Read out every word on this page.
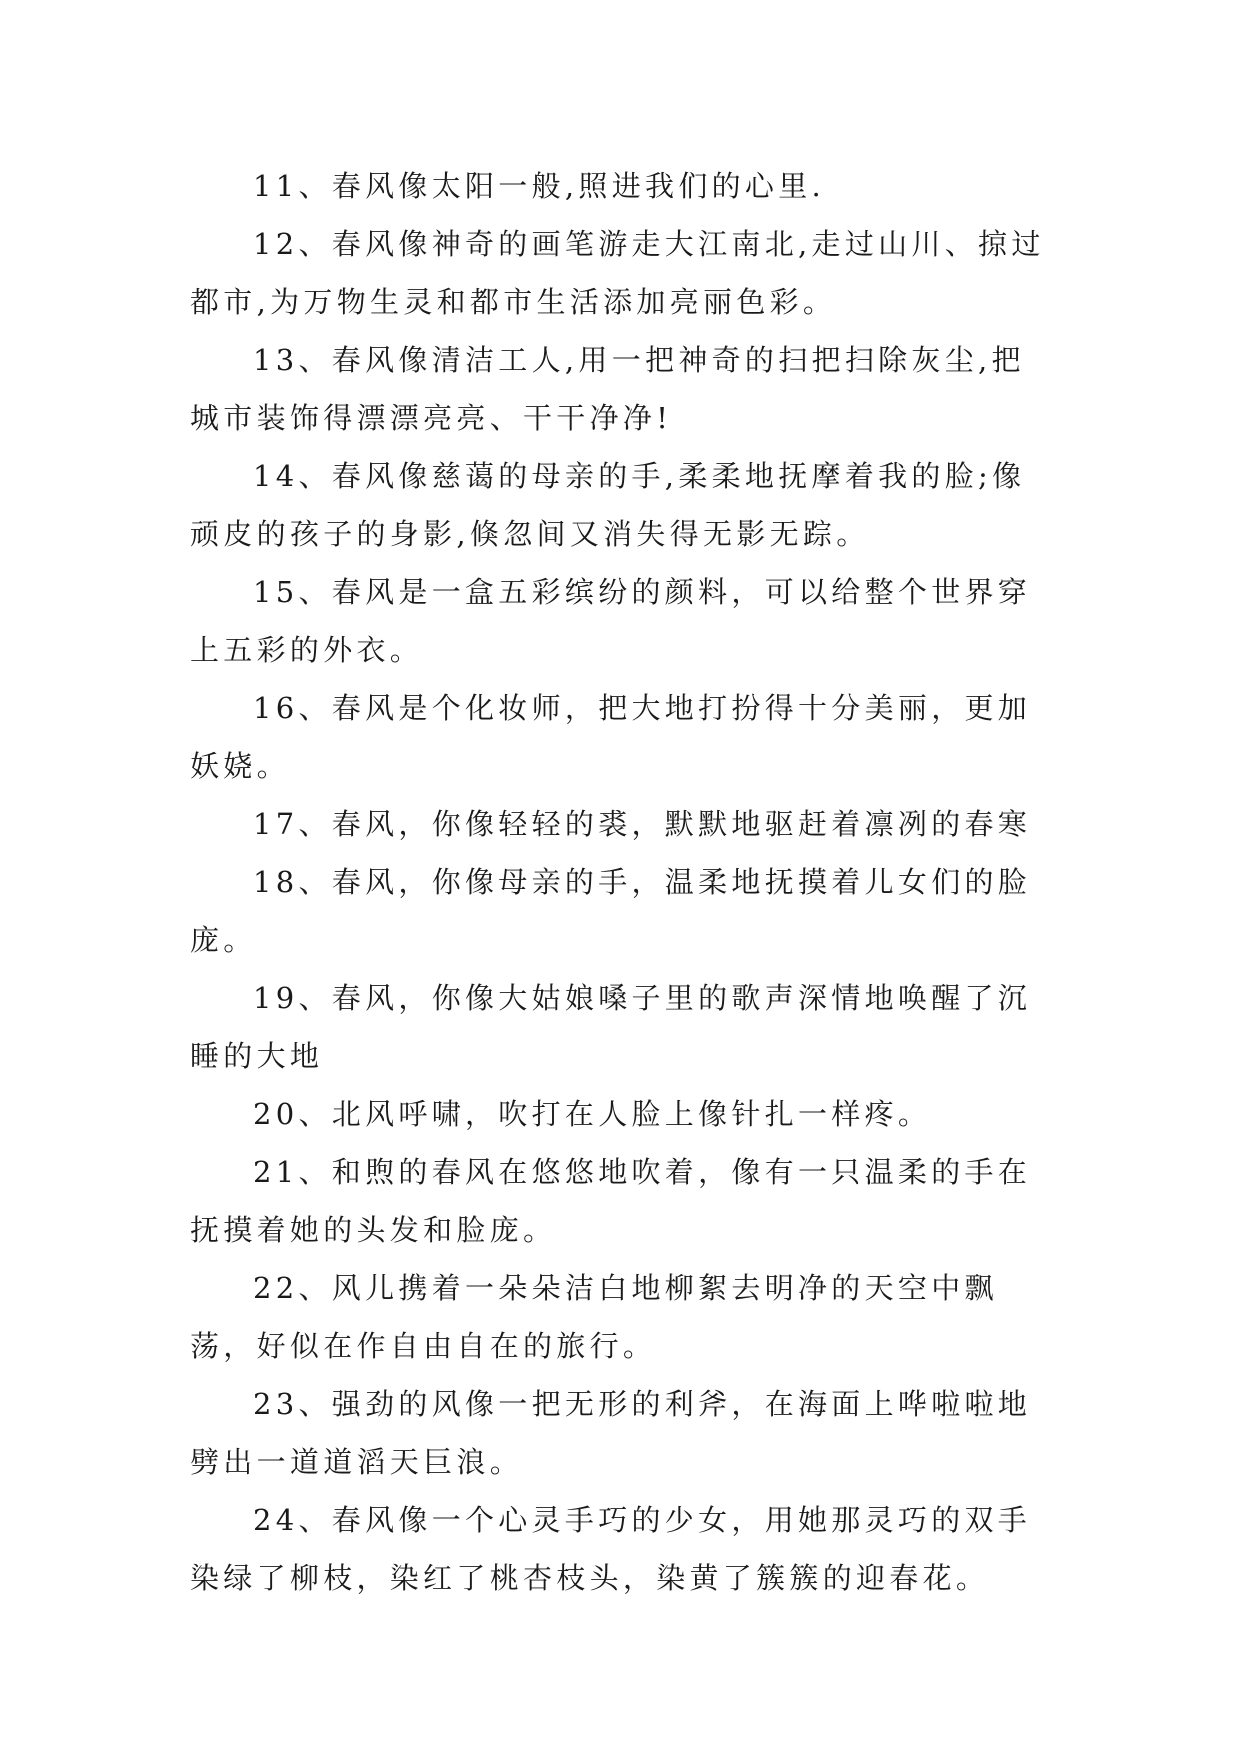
11、春风像太阳一般,照进我们的心里.

12、春风像神奇的画笔游走大江南北,走过山川、掠过都市,为万物生灵和都市生活添加亮丽色彩。

13、春风像清洁工人,用一把神奇的扫把扫除灰尘,把城市装饰得漂漂亮亮、干干净净!

14、春风像慈蔼的母亲的手,柔柔地抚摩着我的脸;像顽皮的孩子的身影,倏忽间又消失得无影无踪。

15、春风是一盒五彩缤纷的颜料，可以给整个世界穿上五彩的外衣。

16、春风是个化妆师，把大地打扮得十分美丽，更加妖娆。

17、春风，你像轻轻的裘，默默地驱赶着凛冽的春寒

18、春风，你像母亲的手，温柔地抚摸着儿女们的脸庞。

19、春风，你像大姑娘嗓子里的歌声深情地唤醒了沉睡的大地

20、北风呼啸，吹打在人脸上像针扎一样疼。

21、和煦的春风在悠悠地吹着，像有一只温柔的手在抚摸着她的头发和脸庞。

22、风儿携着一朵朵洁白地柳絮去明净的天空中飘荡，好似在作自由自在的旅行。

23、强劲的风像一把无形的利斧，在海面上哗啦啦地劈出一道道滔天巨浪。

24、春风像一个心灵手巧的少女，用她那灵巧的双手染绿了柳枝，染红了桃杏枝头，染黄了簇簇的迎春花。
